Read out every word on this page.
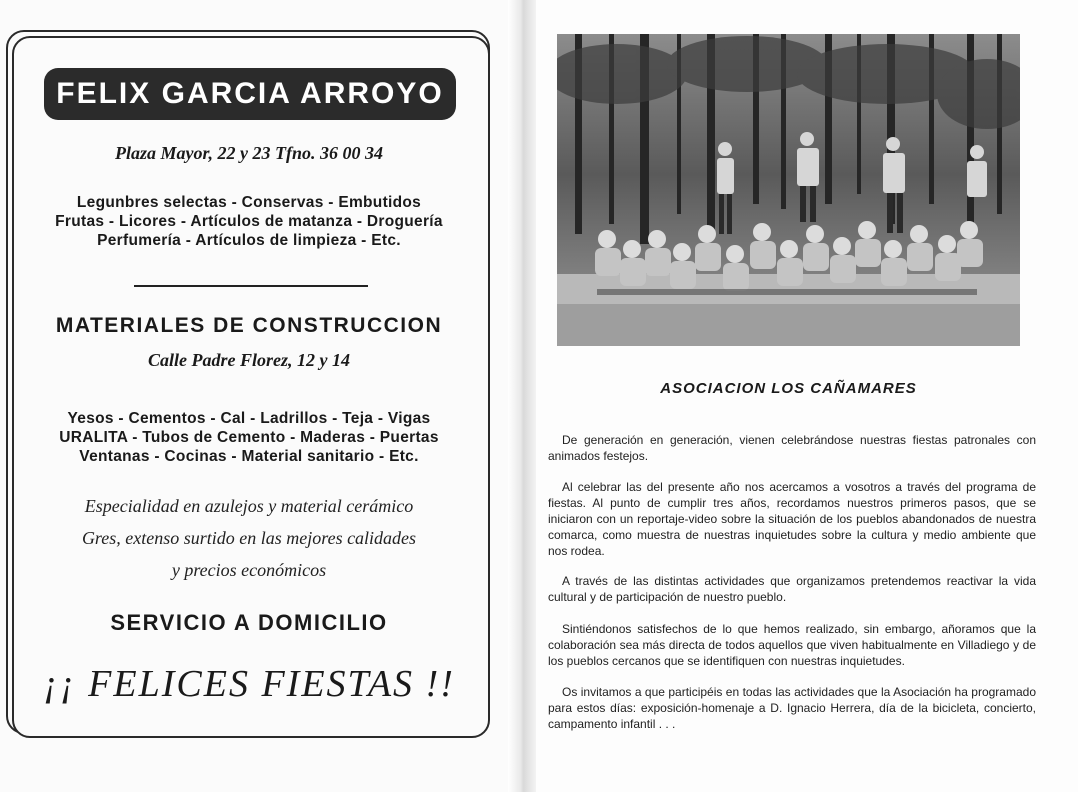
FELIX GARCIA ARROYO
Plaza Mayor, 22 y 23 Tfno. 36 00 34
Legunbres selectas - Conservas - Embutidos
Frutas - Licores - Artículos de matanza - Droguería
Perfumería - Artículos de limpieza - Etc.
MATERIALES DE CONSTRUCCION
Calle Padre Florez, 12 y 14
Yesos - Cementos - Cal - Ladrillos - Teja - Vigas
URALITA - Tubos de Cemento - Maderas - Puertas
Ventanas - Cocinas - Material sanitario - Etc.
Especialidad en azulejos y material cerámico
Gres, extenso surtido en las mejores calidades
y precios económicos
SERVICIO A DOMICILIO
¡¡ FELICES FIESTAS !!
ASOCIACION LOS CAÑAMARES
De generación en generación, vienen celebrándose nuestras fiestas patronales con animados festejos.
Al celebrar las del presente año nos acercamos a vosotros a través del programa de fiestas. Al punto de cumplir tres años, recordamos nuestros primeros pasos, que se iniciaron con un reportaje-video sobre la situación de los pueblos abandonados de nuestra comarca, como muestra de nuestras inquietudes sobre la cultura y medio ambiente que nos rodea.
A través de las distintas actividades que organizamos pretendemos reactivar la vida cultural y de participación de nuestro pueblo.
Sintiéndonos satisfechos de lo que hemos realizado, sin embargo, añoramos que la colaboración sea más directa de todos aquellos que viven habitualmente en Villadiego y de los pueblos cercanos que se identifiquen con nuestras inquietudes.
Os invitamos a que participéis en todas las actividades que la Asociación ha programado para estos días: exposición-homenaje a D. Ignacio Herrera, día de la bicicleta, concierto, campamento infantil . . .
